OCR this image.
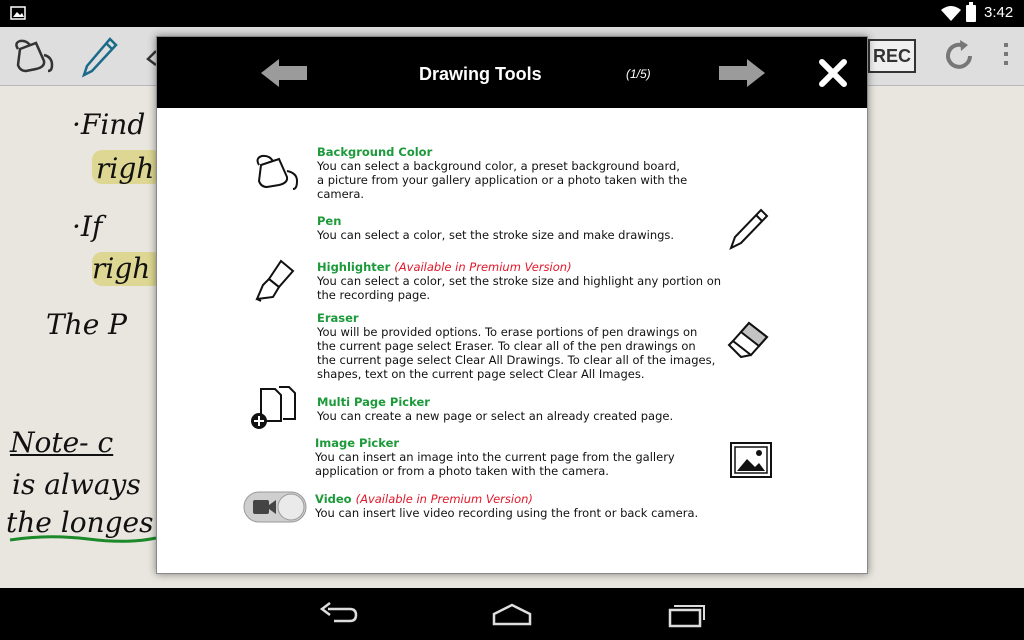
3:42
REC
·Find
righ
·If
righ
The P
Note- c
is always
the longes
Drawing Tools	(1/5)
Background Color
You can select a background color, a preset background board,
a picture from your gallery application or a photo taken with the
camera.
Pen
You can select a color, set the stroke size and make drawings.
Highlighter (Available in Premium Version)
You can select a color, set the stroke size and highlight any portion on
the recording page.
Eraser
You will be provided options. To erase portions of pen drawings on
the current page select Eraser. To clear all of the pen drawings on
the current page select Clear All Drawings. To clear all of the images,
shapes, text on the current page select Clear All Images.
Multi Page Picker
You can create a new page or select an already created page.
Image Picker
You can insert an image into the current page from the gallery
application or from a photo taken with the camera.
Video (Available in Premium Version)
You can insert live video recording using the front or back camera.
